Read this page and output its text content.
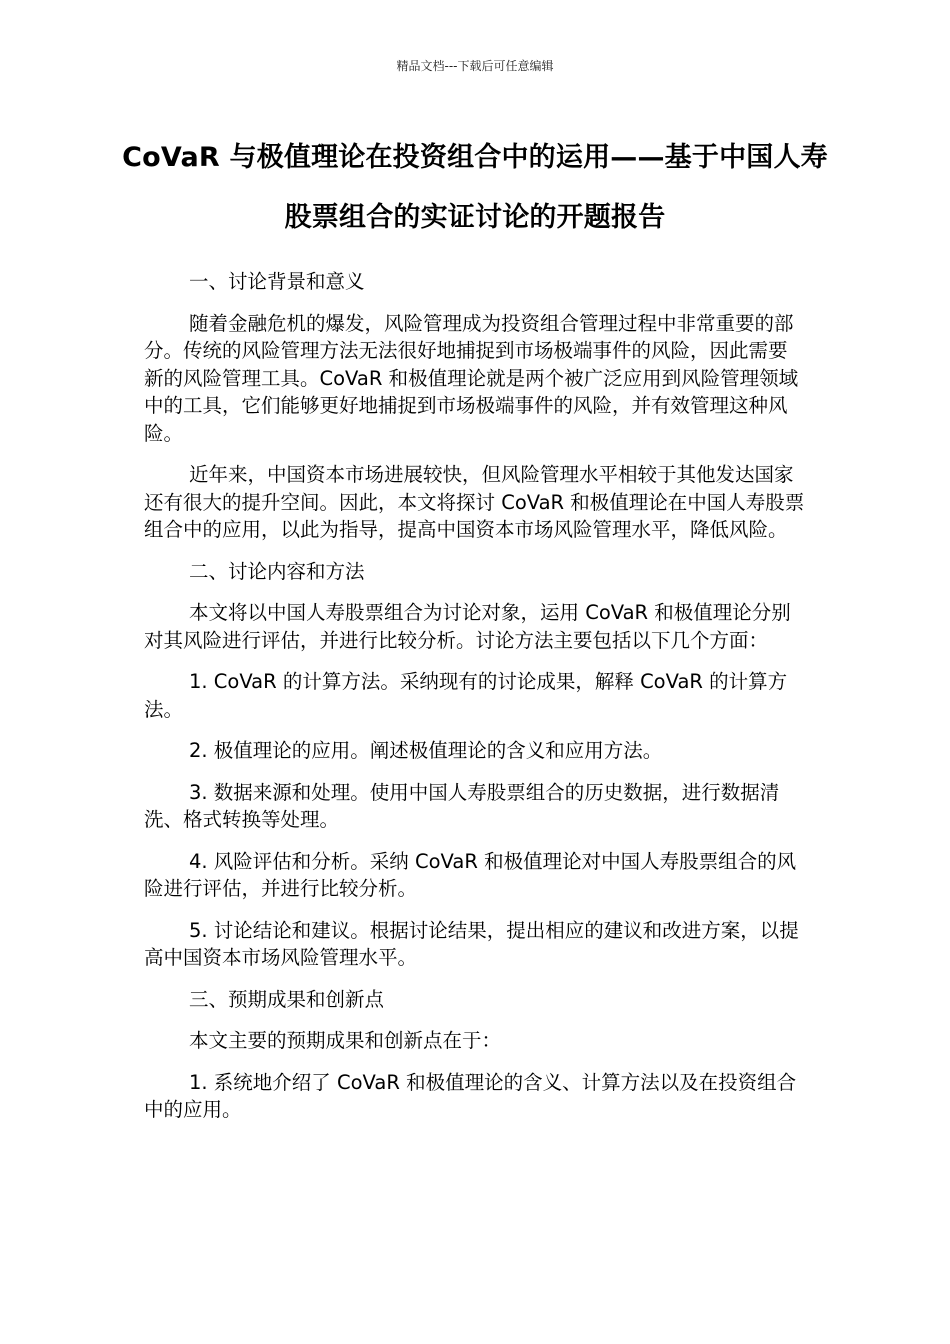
精品文档---下载后可任意编辑
CoVaR 与极值理论在投资组合中的运用——基于中国人寿股票组合的实证讨论的开题报告

一、讨论背景和意义

随着金融危机的爆发，风险管理成为投资组合管理过程中非常重要的部分。传统的风险管理方法无法很好地捕捉到市场极端事件的风险，因此需要新的风险管理工具。CoVaR 和极值理论就是两个被广泛应用到风险管理领域中的工具，它们能够更好地捕捉到市场极端事件的风险，并有效管理这种风险。

近年来，中国资本市场进展较快，但风险管理水平相较于其他发达国家还有很大的提升空间。因此，本文将探讨 CoVaR 和极值理论在中国人寿股票组合中的应用，以此为指导，提高中国资本市场风险管理水平，降低风险。

二、讨论内容和方法

本文将以中国人寿股票组合为讨论对象，运用 CoVaR 和极值理论分别对其风险进行评估，并进行比较分析。讨论方法主要包括以下几个方面：

1. CoVaR 的计算方法。采纳现有的讨论成果，解释 CoVaR 的计算方法。

2. 极值理论的应用。阐述极值理论的含义和应用方法。

3. 数据来源和处理。使用中国人寿股票组合的历史数据，进行数据清洗、格式转换等处理。

4. 风险评估和分析。采纳 CoVaR 和极值理论对中国人寿股票组合的风险进行评估，并进行比较分析。

5. 讨论结论和建议。根据讨论结果，提出相应的建议和改进方案，以提高中国资本市场风险管理水平。

三、预期成果和创新点

本文主要的预期成果和创新点在于：

1. 系统地介绍了 CoVaR 和极值理论的含义、计算方法以及在投资组合中的应用。
